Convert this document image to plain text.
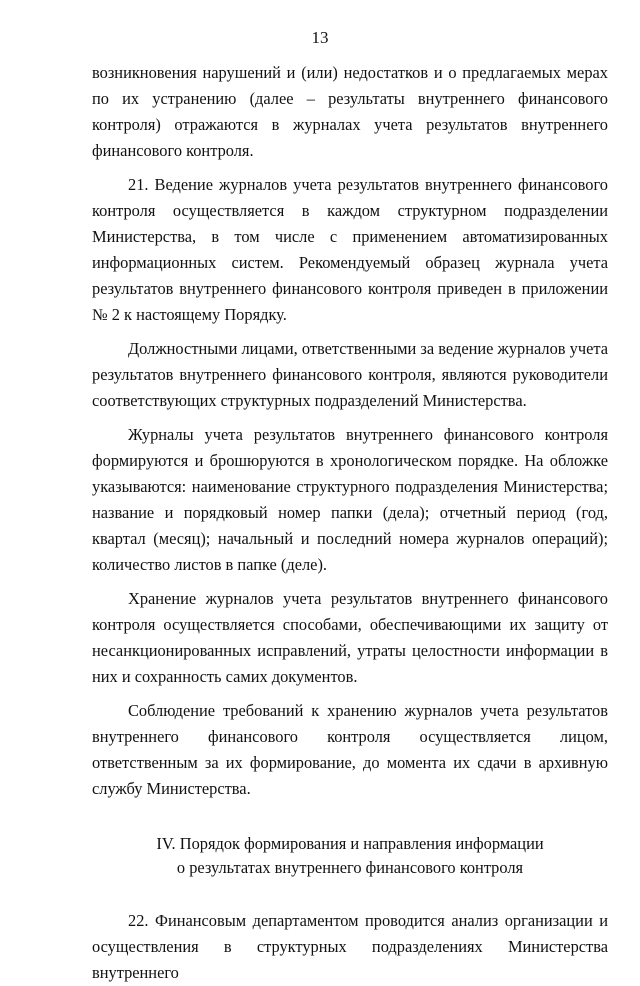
13

возникновения нарушений и (или) недостатков и о предлагаемых мерах по их устранению (далее – результаты внутреннего финансового контроля) отражаются в журналах учета результатов внутреннего финансового контроля.

21. Ведение журналов учета результатов внутреннего финансового контроля осуществляется в каждом структурном подразделении Министерства, в том числе с применением автоматизированных информационных систем. Рекомендуемый образец журнала учета результатов внутреннего финансового контроля приведен в приложении № 2 к настоящему Порядку.

Должностными лицами, ответственными за ведение журналов учета результатов внутреннего финансового контроля, являются руководители соответствующих структурных подразделений Министерства.

Журналы учета результатов внутреннего финансового контроля формируются и брошюруются в хронологическом порядке. На обложке указываются: наименование структурного подразделения Министерства; название и порядковый номер папки (дела); отчетный период (год, квартал (месяц); начальный и последний номера журналов операций); количество листов в папке (деле).

Хранение журналов учета результатов внутреннего финансового контроля осуществляется способами, обеспечивающими их защиту от несанкционированных исправлений, утраты целостности информации в них и сохранность самих документов.

Соблюдение требований к хранению журналов учета результатов внутреннего финансового контроля осуществляется лицом, ответственным за их формирование, до момента их сдачи в архивную службу Министерства.

IV. Порядок формирования и направления информации
о результатах внутреннего финансового контроля

22. Финансовым департаментом проводится анализ организации и осуществления в структурных подразделениях Министерства внутреннего
